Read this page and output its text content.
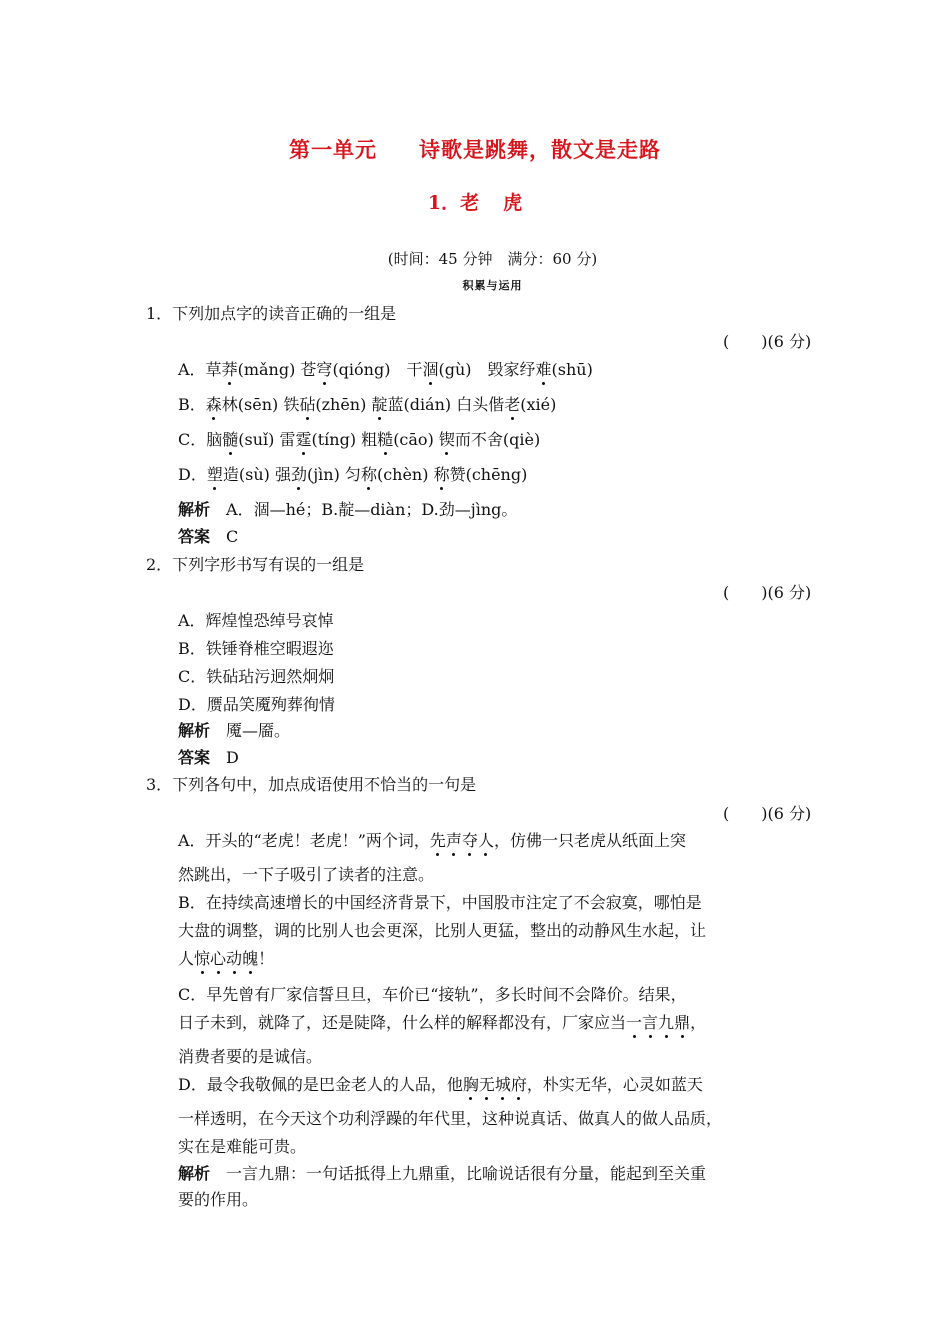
第一单元 诗歌是跳舞，散文是走路
1．老 虎
(时间：45 分钟　满分：60 分)
积累与运用
1．下列加点字的读音正确的一组是
(　　)(6 分)
A．草莽(mǎng) 苍穹(qióng)　干涸(gù)　毁家纾难(shū)
B．森林(sēn) 铁砧(zhēn) 靛蓝(dián) 白头偕老(xié)
C．脑髓(suǐ) 雷霆(tíng) 粗糙(cāo) 锲而不舍(qiè)
D．塑造(sù) 强劲(jìn) 匀称(chèn) 称赞(chēng)
解析 A．涸—hé；B.靛—diàn；D.劲—jìng。
答案 C
2．下列字形书写有误的一组是
(　　)(6 分)
A．辉煌惶恐绰号哀悼
B．铁锤脊椎空暇遐迩
C．铁砧玷污迥然炯炯
D．赝品笑魇殉葬徇情
解析 魇—靥。
答案 D
3．下列各句中，加点成语使用不恰当的一句是
(　　)(6 分)
A．开头的“老虎！老虎！”两个词，先声夺人，仿佛一只老虎从纸面上突
然跳出，一下子吸引了读者的注意。
B．在持续高速增长的中国经济背景下，中国股市注定了不会寂寞，哪怕是
大盘的调整，调的比别人也会更深，比别人更猛，整出的动静风生水起，让
人惊心动魄！
C．早先曾有厂家信誓旦旦，车价已“接轨”，多长时间不会降价。结果，
日子未到，就降了，还是陡降，什么样的解释都没有，厂家应当一言九鼎，
消费者要的是诚信。
D．最令我敬佩的是巴金老人的人品，他胸无城府，朴实无华，心灵如蓝天
一样透明，在今天这个功利浮躁的年代里，这种说真话、做真人的做人品质，
实在是难能可贵。
解析 一言九鼎：一句话抵得上九鼎重，比喻说话很有分量，能起到至关重
要的作用。
